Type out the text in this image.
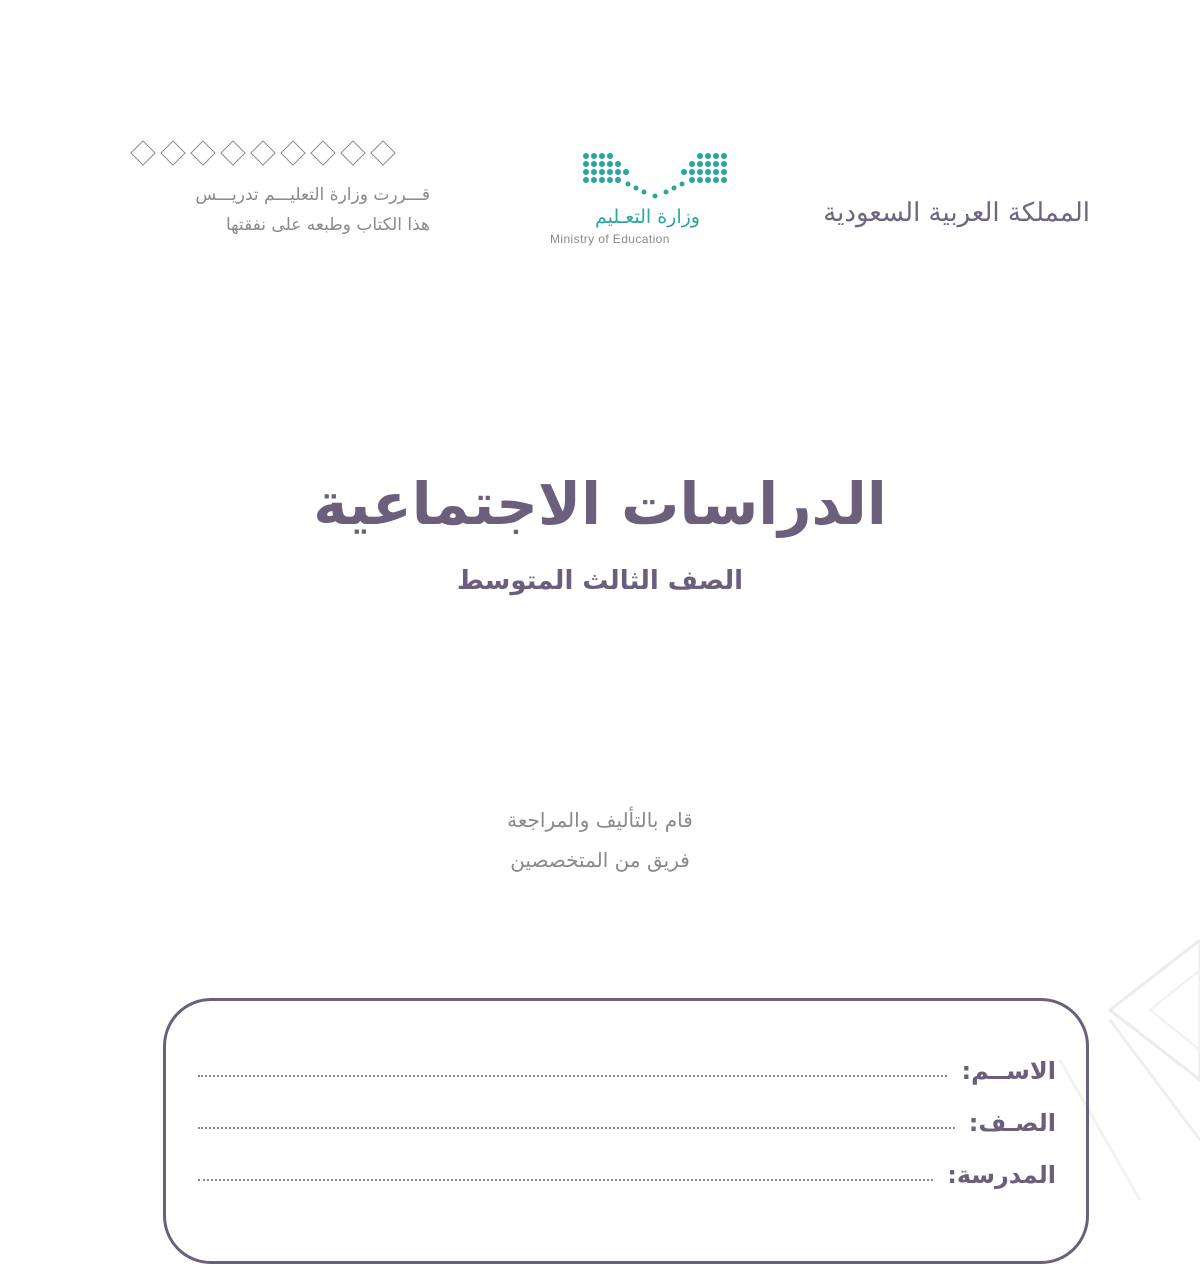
قـــررت وزارة التعليـــم تدريـــس
هذا الكتاب وطبعه على نفقتها	وزارة التعـليم
Ministry of Education
المملكة العربية السعودية
الدراسات الاجتماعية
الصف الثالث المتوسط
قام بالتأليف والمراجعة
فريق من المتخصصين
الاســم:
الصـف:
المدرسة:
